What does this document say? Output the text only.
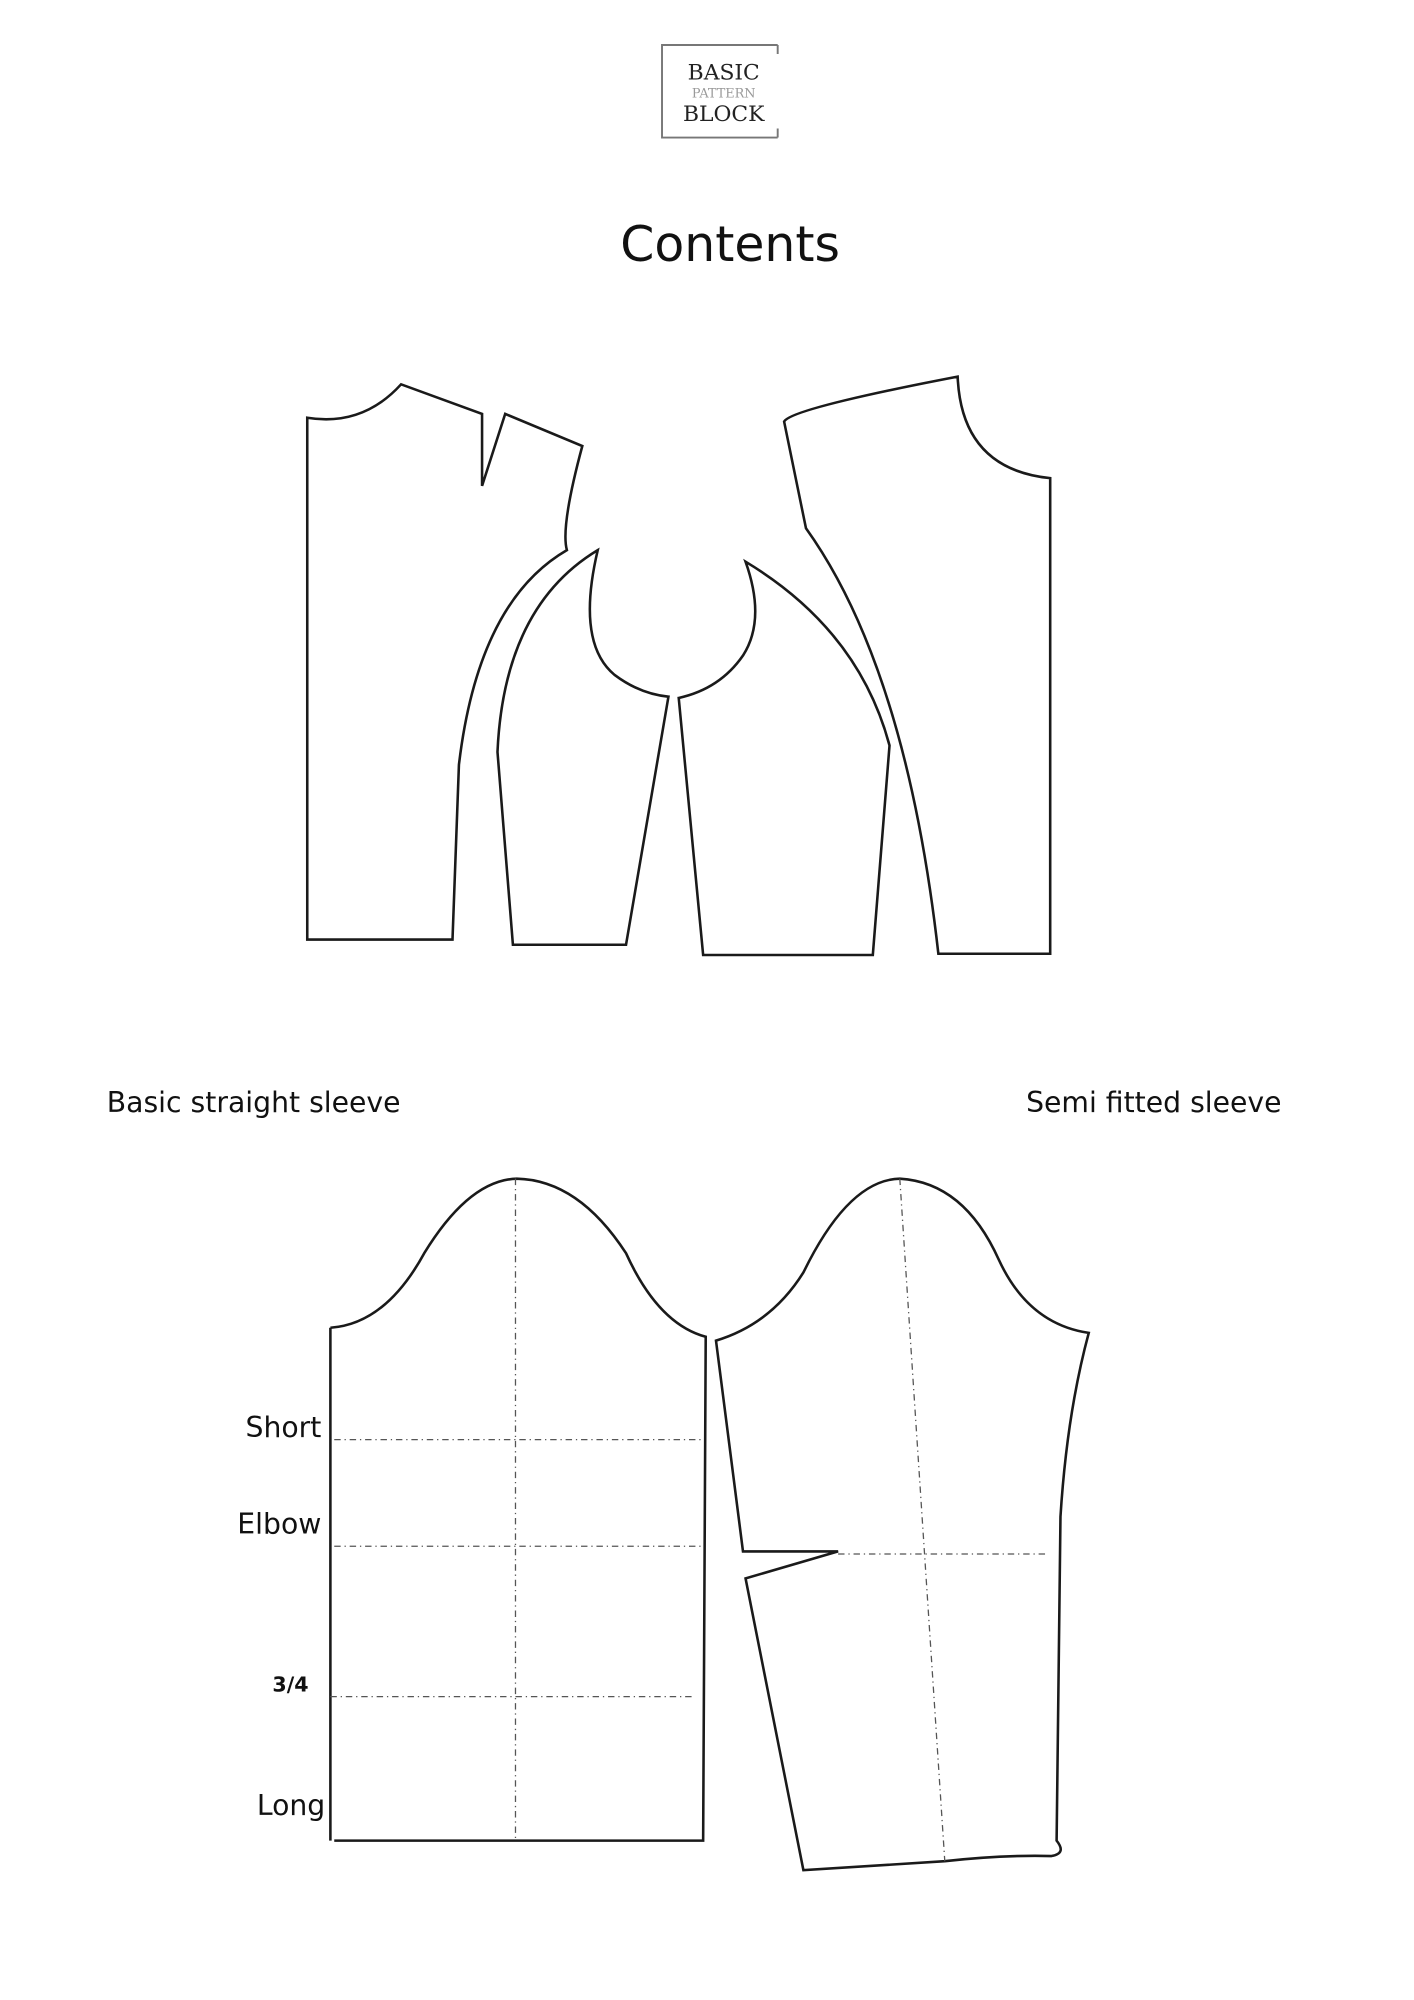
BASIC
PATTERN
BLOCK
Contents
Basic straight sleeve	Semi fitted sleeve
Short
Elbow
3/4
Long
